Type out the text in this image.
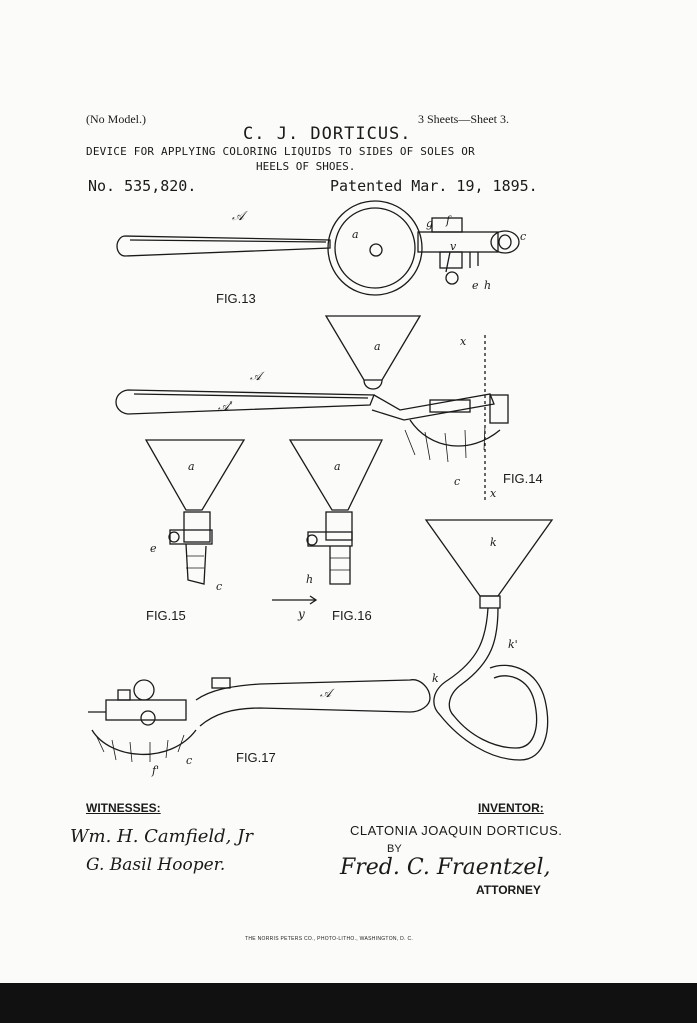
(No Model.)	3 Sheets—Sheet 3.
C. J. DORTICUS.
DEVICE FOR APPLYING COLORING LIQUIDS TO SIDES OF SOLES OR
HEELS OF SHOES.
No. 535,820.	Patented Mar. 19, 1895.
𝒜
a
g f
c
v
e h
a
𝒜
𝒜'
x
x
c
a
e
c
a
h
y
𝒜
k
k'
k
f'
c
FIG.13
FIG.14
FIG.15	FIG.16
FIG.17
WITNESSES:
Wm. H. Camfield, Jr
G. Basil Hooper.
INVENTOR:
CLATONIA JOAQUIN DORTICUS.
BY
Fred. C. Fraentzel,
ATTORNEY
THE NORRIS PETERS CO., PHOTO-LITHO., WASHINGTON, D. C.
